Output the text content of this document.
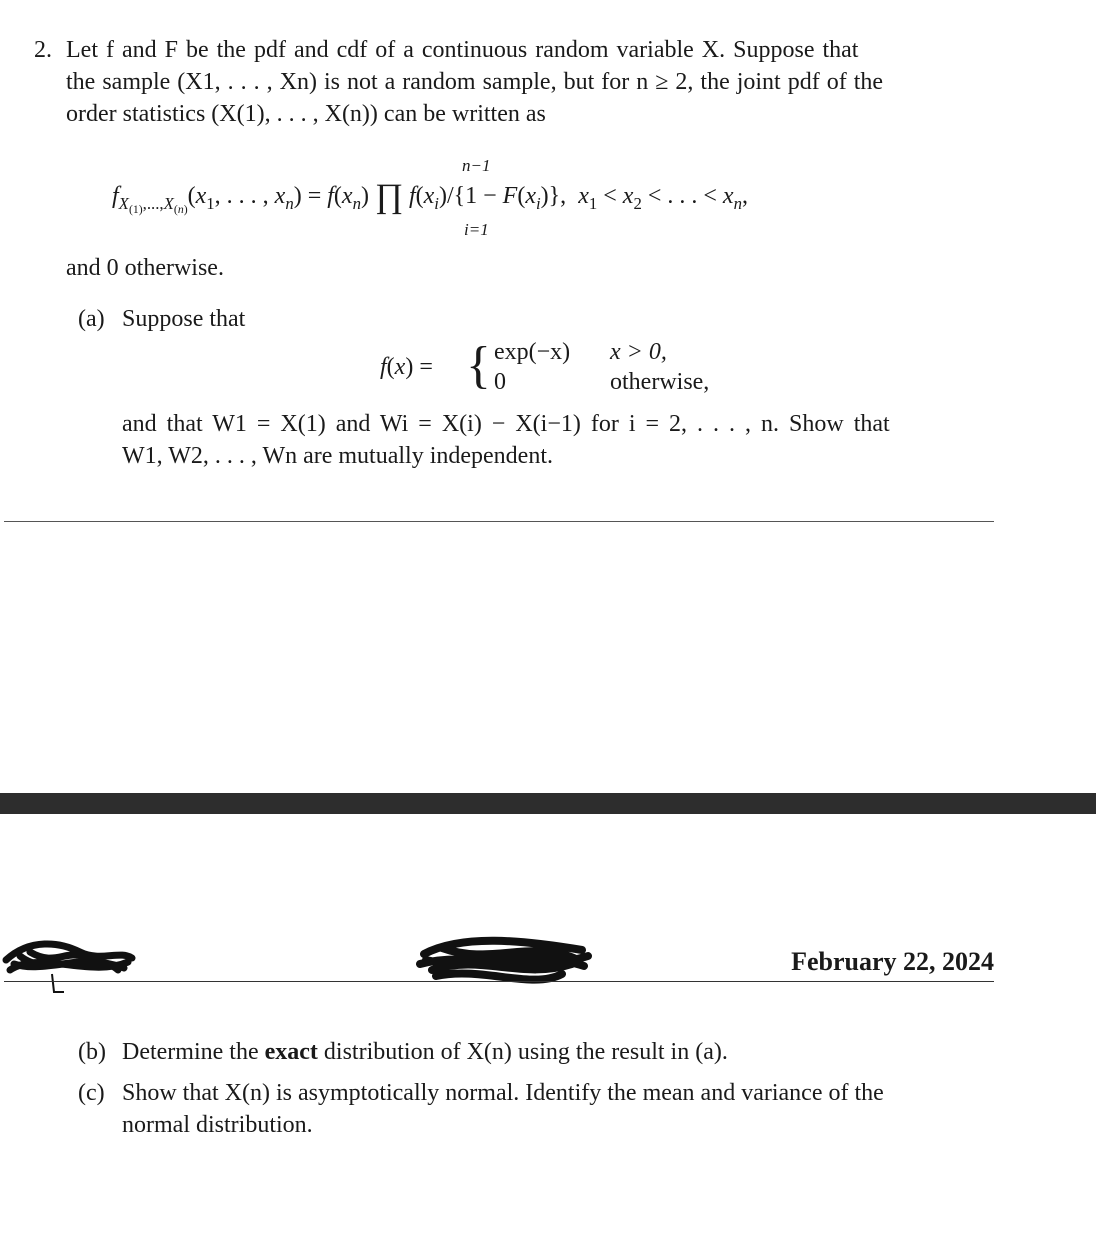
2. Let f and F be the pdf and cdf of a continuous random variable X. Suppose that
the sample (X1, . . . , Xn) is not a random sample, but for n ≥ 2, the joint pdf of the
order statistics (X(1), . . . , X(n)) can be written as
n−1
$f_{X_{(1)},...,X_{(n)}}(x_1$, . . . , $x_n) = f(x_n)$ ∏ $f(x_i)/\{1 - F(x_i)\}$,  $x_1 < x_2$ < . . . < $x_n$,
i=1
and 0 otherwise.
(a) Suppose that
f(x) = { exp(−x) x > 0,
0	otherwise,
and that W1 = X(1) and Wi = X(i) − X(i−1) for i = 2, . . . , n. Show that
W1, W2, . . . , Wn are mutually independent.
February 22, 2024
(b) Determine the exact distribution of X(n) using the result in (a).
(c) Show that X(n) is asymptotically normal. Identify the mean and variance of the
normal distribution.
